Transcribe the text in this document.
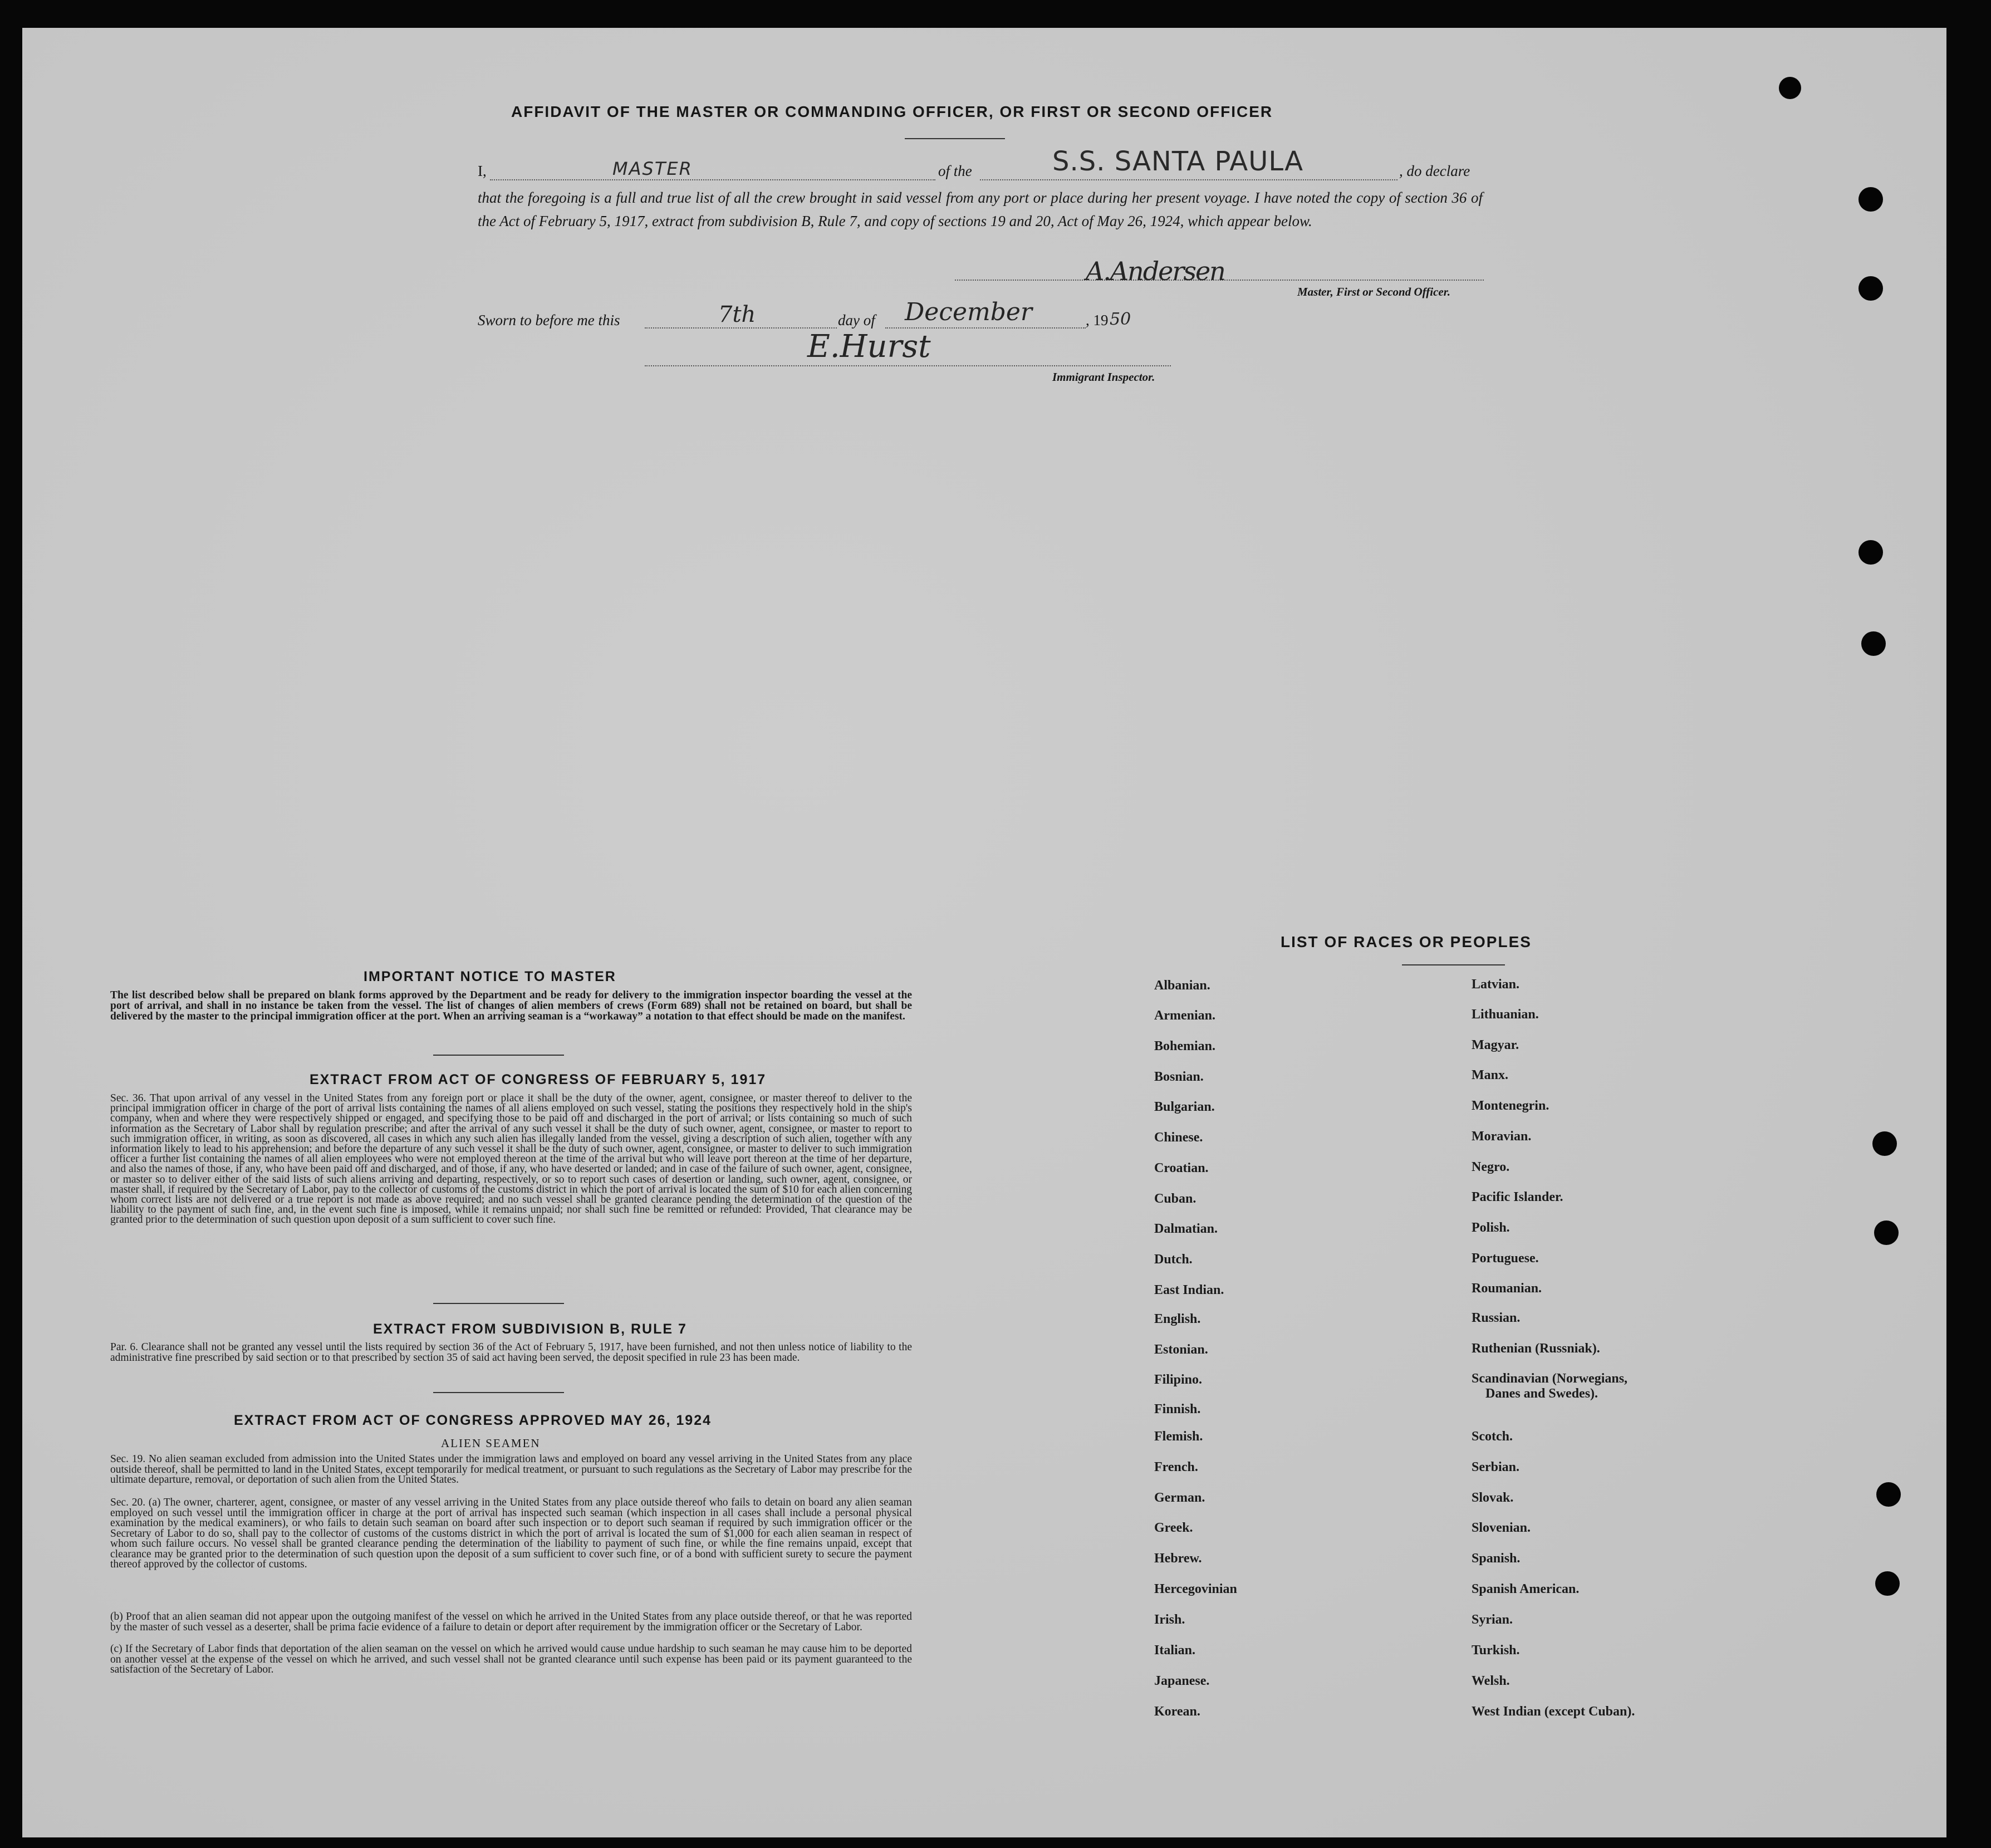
AFFIDAVIT OF THE MASTER OR COMMANDING OFFICER, OR FIRST OR SECOND OFFICER
I,	MASTER	of the	S.S. SANTA PAULA	, do declare
that the foregoing is a full and true list of all the crew brought in said vessel from any port or place during her present voyage. I have noted the copy of section 36 of the Act of February 5, 1917, extract from subdivision B, Rule 7, and copy of sections 19 and 20, Act of May 26, 1924, which appear below.
A.Andersen
Master, First or Second Officer.
Sworn to before me this	7th	day of December	, 19 50
E.Hurst
Immigrant Inspector.
IMPORTANT NOTICE TO MASTER
The list described below shall be prepared on blank forms approved by the Department and be ready for delivery to the immigration inspector boarding the vessel at the port of arrival, and shall in no instance be taken from the vessel. The list of changes of alien members of crews (Form 689) shall not be retained on board, but shall be delivered by the master to the principal immigration officer at the port. When an arriving seaman is a “workaway” a notation to that effect should be made on the manifest.
EXTRACT FROM ACT OF CONGRESS OF FEBRUARY 5, 1917
Sec. 36. That upon arrival of any vessel in the United States from any foreign port or place it shall be the duty of the owner, agent, consignee, or master thereof to deliver to the principal immigration officer in charge of the port of arrival lists containing the names of all aliens employed on such vessel, stating the positions they respectively hold in the ship's company, when and where they were respectively shipped or engaged, and specifying those to be paid off and discharged in the port of arrival; or lists containing so much of such information as the Secretary of Labor shall by regulation prescribe; and after the arrival of any such vessel it shall be the duty of such owner, agent, consignee, or master to report to such immigration officer, in writing, as soon as discovered, all cases in which any such alien has illegally landed from the vessel, giving a description of such alien, together with any information likely to lead to his apprehension; and before the departure of any such vessel it shall be the duty of such owner, agent, consignee, or master to deliver to such immigration officer a further list containing the names of all alien employees who were not employed thereon at the time of the arrival but who will leave port thereon at the time of her departure, and also the names of those, if any, who have been paid off and discharged, and of those, if any, who have deserted or landed; and in case of the failure of such owner, agent, consignee, or master so to deliver either of the said lists of such aliens arriving and departing, respectively, or so to report such cases of desertion or landing, such owner, agent, consignee, or master shall, if required by the Secretary of Labor, pay to the collector of customs of the customs district in which the port of arrival is located the sum of $10 for each alien concerning whom correct lists are not delivered or a true report is not made as above required; and no such vessel shall be granted clearance pending the determination of the question of the liability to the payment of such fine, and, in the event such fine is imposed, while it remains unpaid; nor shall such fine be remitted or refunded: Provided, That clearance may be granted prior to the determination of such question upon deposit of a sum sufficient to cover such fine.
EXTRACT FROM SUBDIVISION B, RULE 7
Par. 6. Clearance shall not be granted any vessel until the lists required by section 36 of the Act of February 5, 1917, have been furnished, and not then unless notice of liability to the administrative fine prescribed by said section or to that prescribed by section 35 of said act having been served, the deposit specified in rule 23 has been made.
EXTRACT FROM ACT OF CONGRESS APPROVED MAY 26, 1924
ALIEN SEAMEN
Sec. 19. No alien seaman excluded from admission into the United States under the immigration laws and employed on board any vessel arriving in the United States from any place outside thereof, shall be permitted to land in the United States, except temporarily for medical treatment, or pursuant to such regulations as the Secretary of Labor may prescribe for the ultimate departure, removal, or deportation of such alien from the United States.
Sec. 20. (a) The owner, charterer, agent, consignee, or master of any vessel arriving in the United States from any place outside thereof who fails to detain on board any alien seaman employed on such vessel until the immigration officer in charge at the port of arrival has inspected such seaman (which inspection in all cases shall include a personal physical examination by the medical examiners), or who fails to detain such seaman on board after such inspection or to deport such seaman if required by such immigration officer or the Secretary of Labor to do so, shall pay to the collector of customs of the customs district in which the port of arrival is located the sum of $1,000 for each alien seaman in respect of whom such failure occurs. No vessel shall be granted clearance pending the determination of the liability to payment of such fine, or while the fine remains unpaid, except that clearance may be granted prior to the determination of such question upon the deposit of a sum sufficient to cover such fine, or of a bond with sufficient surety to secure the payment thereof approved by the collector of customs.
(b) Proof that an alien seaman did not appear upon the outgoing manifest of the vessel on which he arrived in the United States from any place outside thereof, or that he was reported by the master of such vessel as a deserter, shall be prima facie evidence of a failure to detain or deport after requirement by the immigration officer or the Secretary of Labor.
(c) If the Secretary of Labor finds that deportation of the alien seaman on the vessel on which he arrived would cause undue hardship to such seaman he may cause him to be deported on another vessel at the expense of the vessel on which he arrived, and such vessel shall not be granted clearance until such expense has been paid or its payment guaranteed to the satisfaction of the Secretary of Labor.
LIST OF RACES OR PEOPLES
Albanian.
Armenian.
Bohemian.
Bosnian.
Bulgarian.
Chinese.
Croatian.
Cuban.
Dalmatian.
Dutch.
East Indian.
English.
Estonian.
Filipino.
Finnish.
Flemish.
French.
German.
Greek.
Hebrew.
Hercegovinian
Irish.
Italian.
Japanese.
Korean.
Latvian.
Lithuanian.
Magyar.
Manx.
Montenegrin.
Moravian.
Negro.
Pacific Islander.
Polish.
Portuguese.
Roumanian.
Russian.
Ruthenian (Russniak).
Scandinavian (Norwegians,
Danes and Swedes).
Scotch.
Serbian.
Slovak.
Slovenian.
Spanish.
Spanish American.
Syrian.
Turkish.
Welsh.
West Indian (except Cuban).
